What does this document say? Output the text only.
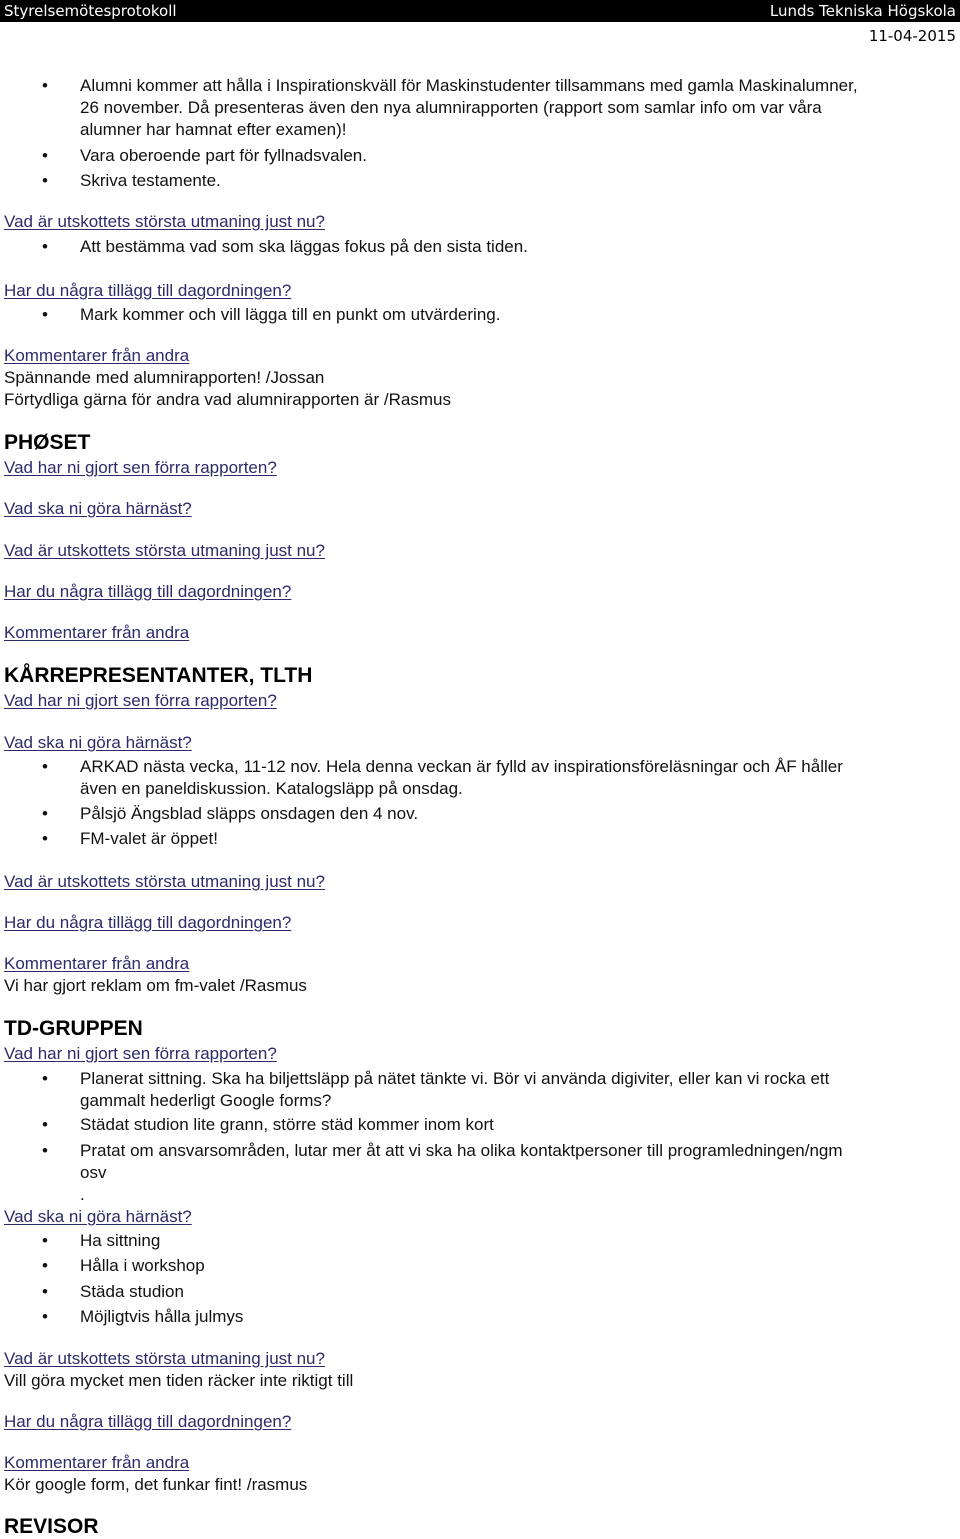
Styrelsemötesprotokoll	Lunds Tekniska Högskola
11-04-2015
• Alumni kommer att hålla i Inspirationskväll för Maskinstudenter tillsammans med gamla Maskinalumner,
26 november. Då presenteras även den nya alumnirapporten (rapport som samlar info om var våra
alumner har hamnat efter examen)!
• Vara oberoende part för fyllnadsvalen.
• Skriva testamente.
Vad är utskottets största utmaning just nu?
• Att bestämma vad som ska läggas fokus på den sista tiden.
Har du några tillägg till dagordningen?
• Mark kommer och vill lägga till en punkt om utvärdering.
Kommentarer från andra
Spännande med alumnirapporten! /Jossan
Förtydliga gärna för andra vad alumnirapporten är /Rasmus
PHØSET
Vad har ni gjort sen förra rapporten?
Vad ska ni göra härnäst?
Vad är utskottets största utmaning just nu?
Har du några tillägg till dagordningen?
Kommentarer från andra
KÅRREPRESENTANTER, TLTH
Vad har ni gjort sen förra rapporten?
Vad ska ni göra härnäst?
• ARKAD nästa vecka, 11-12 nov. Hela denna veckan är fylld av inspirationsföreläsningar och ÅF håller
även en paneldiskussion. Katalogsläpp på onsdag.
• Pålsjö Ängsblad släpps onsdagen den 4 nov.
• FM-valet är öppet!
Vad är utskottets största utmaning just nu?
Har du några tillägg till dagordningen?
Kommentarer från andra
Vi har gjort reklam om fm-valet /Rasmus
TD-GRUPPEN
Vad har ni gjort sen förra rapporten?
• Planerat sittning. Ska ha biljettsläpp på nätet tänkte vi. Bör vi använda digiviter, eller kan vi rocka ett
gammalt hederligt Google forms?
• Städat studion lite grann, större städ kommer inom kort
• Pratat om ansvarsområden, lutar mer åt att vi ska ha olika kontaktpersoner till programledningen/ngm
osv
.
Vad ska ni göra härnäst?
• Ha sittning
• Hålla i workshop
• Städa studion
• Möjligtvis hålla julmys
Vad är utskottets största utmaning just nu?
Vill göra mycket men tiden räcker inte riktigt till
Har du några tillägg till dagordningen?
Kommentarer från andra
Kör google form, det funkar fint! /rasmus
REVISOR
